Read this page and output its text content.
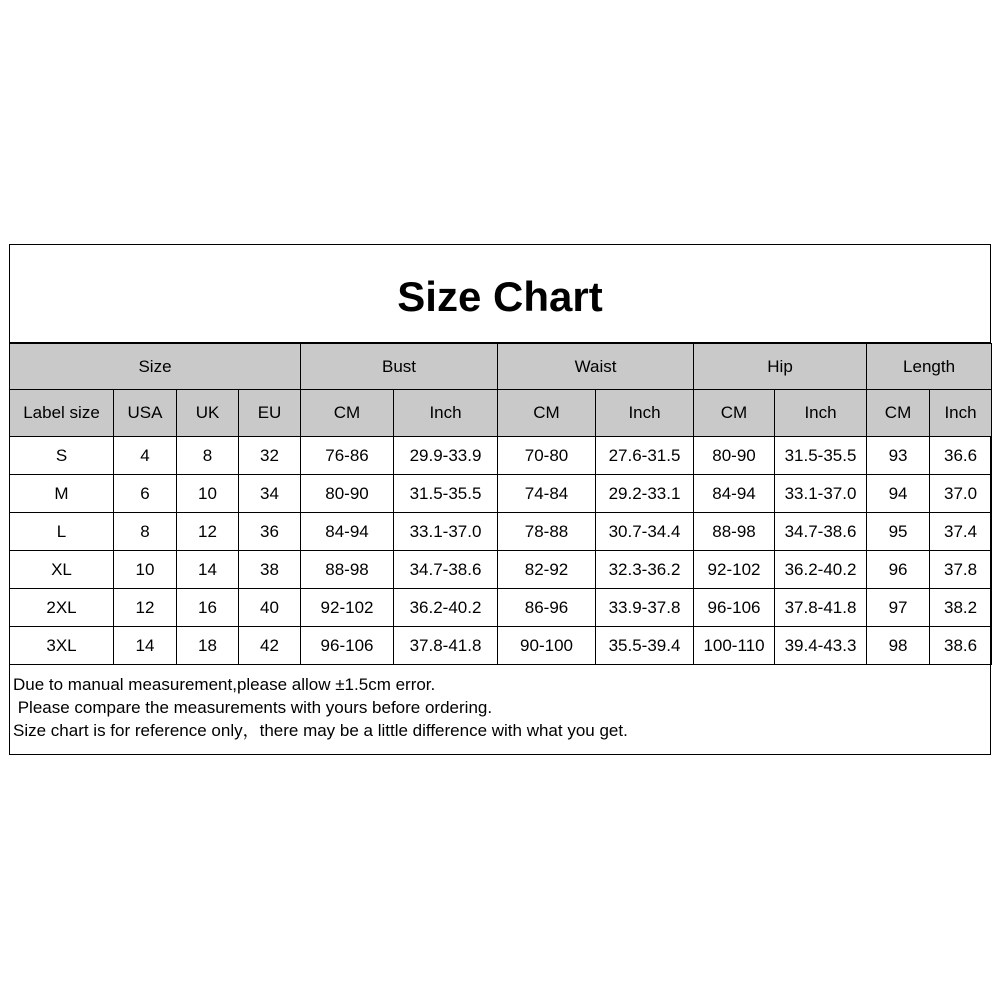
Size Chart
Size				Bust		Waist		Hip		Length	
Label size	USA	UK	EU	CM	Inch	CM	Inch	CM	Inch	CM	Inch
S	4	8	32	76-86	29.9-33.9	70-80	27.6-31.5	80-90	31.5-35.5	93	36.6
M	6	10	34	80-90	31.5-35.5	74-84	29.2-33.1	84-94	33.1-37.0	94	37.0
L	8	12	36	84-94	33.1-37.0	78-88	30.7-34.4	88-98	34.7-38.6	95	37.4
XL	10	14	38	88-98	34.7-38.6	82-92	32.3-36.2	92-102	36.2-40.2	96	37.8
2XL	12	16	40	92-102	36.2-40.2	86-96	33.9-37.8	96-106	37.8-41.8	97	38.2
3XL	14	18	42	96-106	37.8-41.8	90-100	35.5-39.4	100-110	39.4-43.3	98	38.6
Due to manual measurement,please allow ±1.5cm error.
Please compare the measurements with yours before ordering.
Size chart is for reference only，there may be a little difference with what you get.
